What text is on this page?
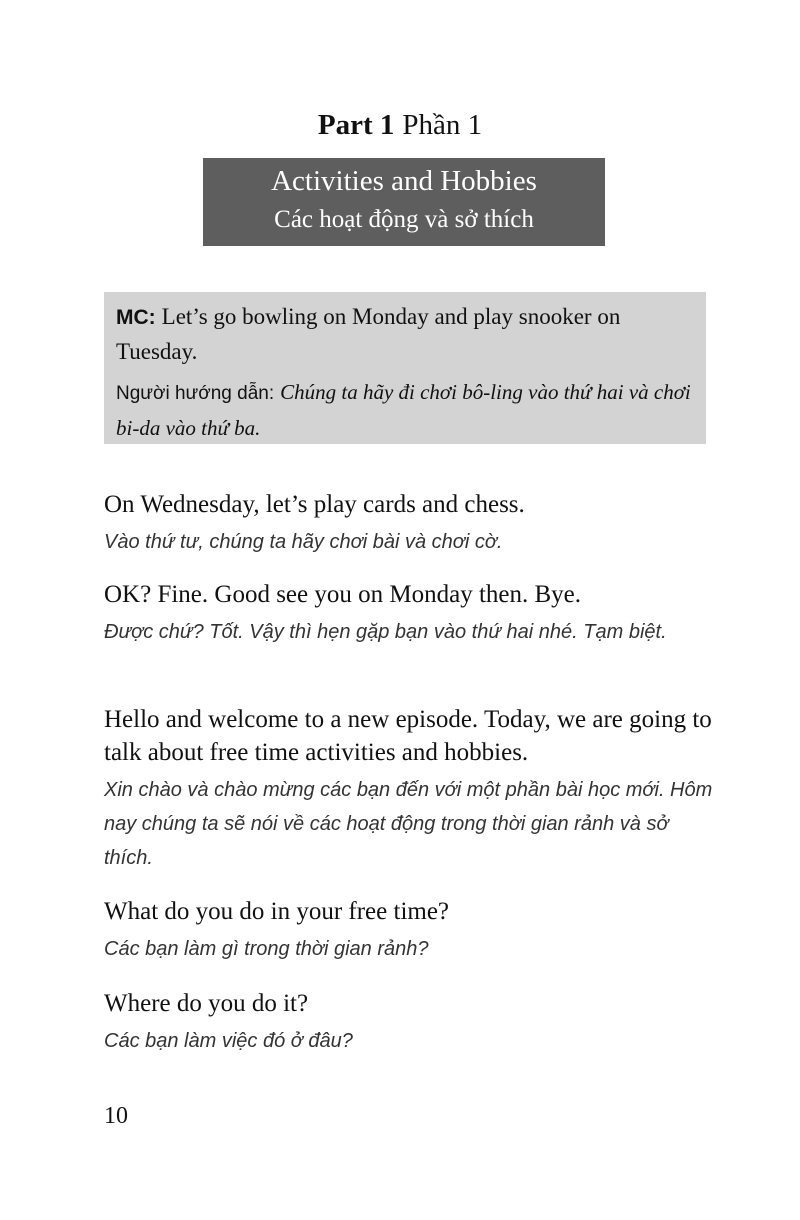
Part 1 Phần 1
Activities and Hobbies
Các hoạt động và sở thích
MC: Let’s go bowling on Monday and play snooker on Tuesday.
Người hướng dẫn: Chúng ta hãy đi chơi bô-ling vào thứ hai và chơi bi-da vào thứ ba.
On Wednesday, let’s play cards and chess.
Vào thứ tư, chúng ta hãy chơi bài và chơi cờ.
OK? Fine. Good see you on Monday then. Bye.
Được chứ? Tốt. Vậy thì hẹn gặp bạn vào thứ hai nhé. Tạm biệt.
Hello and welcome to a new episode. Today, we are going to talk about free time activities and hobbies.
Xin chào và chào mừng các bạn đến với một phần bài học mới. Hôm nay chúng ta sẽ nói về các hoạt động trong thời gian rảnh và sở thích.
What do you do in your free time?
Các bạn làm gì trong thời gian rảnh?
Where do you do it?
Các bạn làm việc đó ở đâu?
10
